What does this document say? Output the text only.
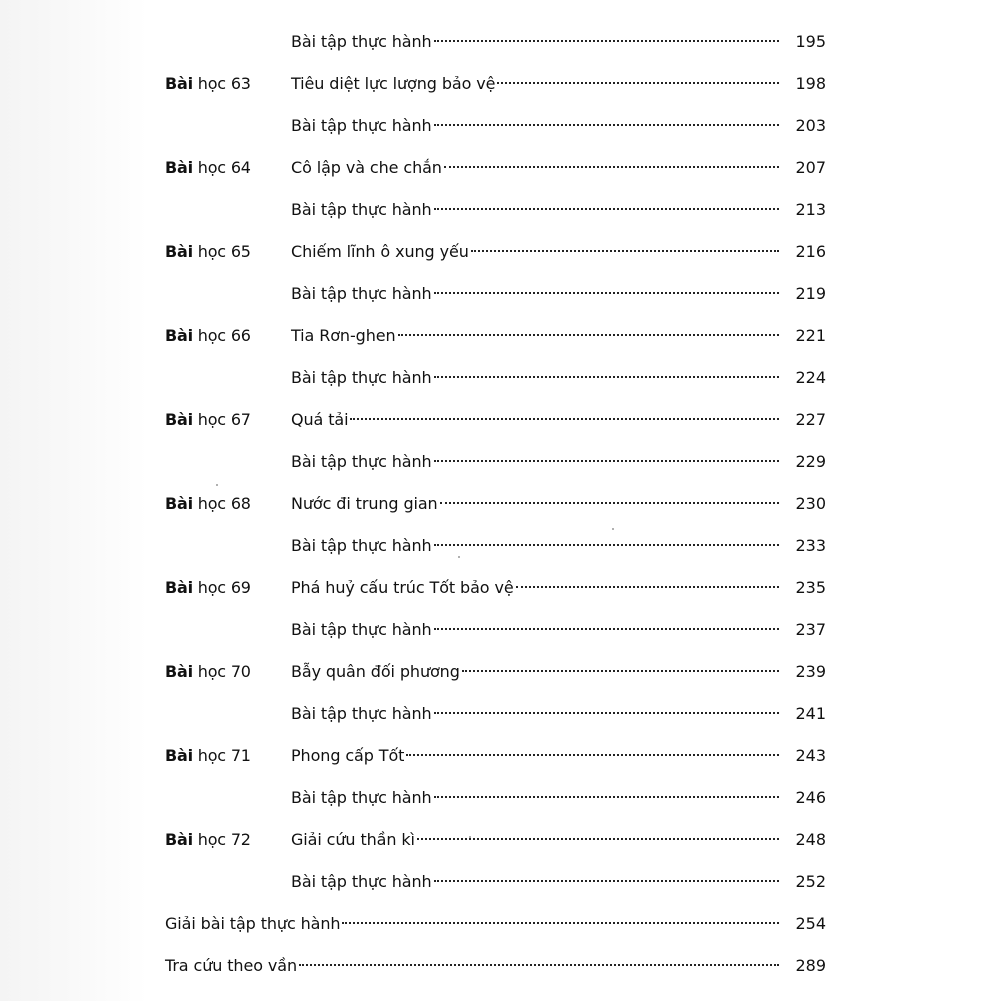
Bài tập thực hành	195
Bài học 63	Tiêu diệt lực lượng bảo vệ	198
Bài tập thực hành	203
Bài học 64	Cô lập và che chắn	207
Bài tập thực hành	213
Bài học 65	Chiếm lĩnh ô xung yếu	216
Bài tập thực hành	219
Bài học 66	Tia Rơn-ghen	221
Bài tập thực hành	224
Bài học 67	Quá tải	227
Bài tập thực hành	229
Bài học 68	Nước đi trung gian	230
Bài tập thực hành	233
Bài học 69	Phá huỷ cấu trúc Tốt bảo vệ	235
Bài tập thực hành	237
Bài học 70	Bẫy quân đối phương	239
Bài tập thực hành	241
Bài học 71	Phong cấp Tốt	243
Bài tập thực hành	246
Bài học 72	Giải cứu thần kì	248
Bài tập thực hành	252
Giải bài tập thực hành	254
Tra cứu theo vần	289
